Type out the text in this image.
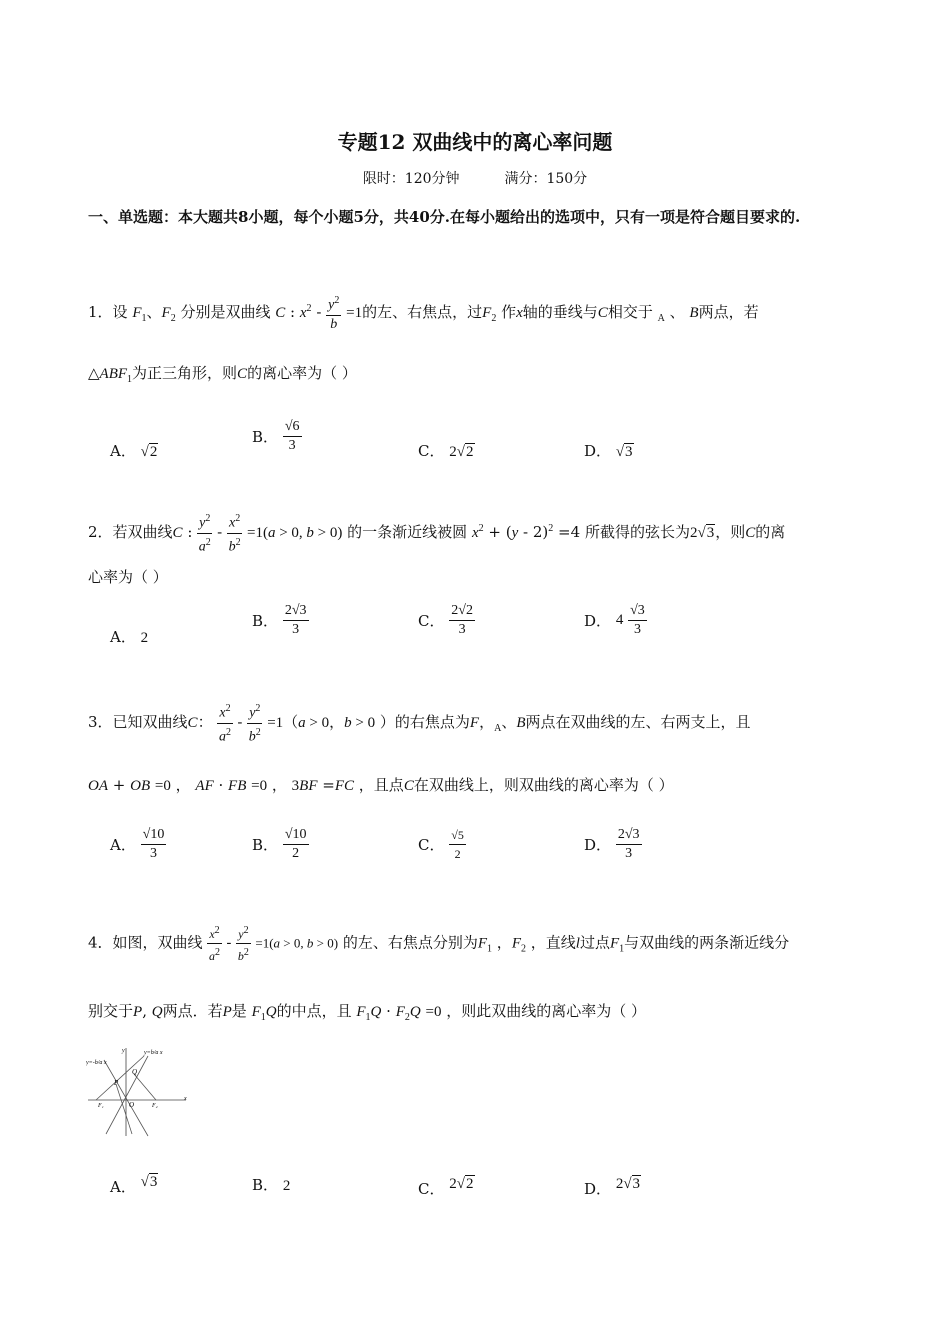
专题12 双曲线中的离心率问题
限时：120分钟	满分：150分
一、单选题：本大题共8小题，每个小题5分，共40分.在每小题给出的选项中，只有一项是符合题目要求的.
1．设 $F_1$、$F_2$ 分别是双曲线 C : $x^2 - \frac{y^2}{b} =1$的左、右焦点，过$F_2$ 作x轴的垂线与C相交于 $_A$ 、 B两点，若
$\triangle ABF_1$为正三角形，则C的离心率为（ ）
A． √2
B． $\frac{√6}{3}$	C． 2√2	D． √3
2．若双曲线C : $\frac{y^2}{a^2} - \frac{x^2}{b^2} =1(a > 0$, b > 0) 的一条渐近线被圆 $x^2 + (y - 2)^2 =4$ 所截得的弦长为2√3，则C的离
心率为（ ）
A． 2
B． $\frac{2√3}{3}$	C． $\frac{2√2}{3}$	D． $4 \frac{√3}{3}$
3．已知双曲线C： $\frac{x^2}{a^2} - \frac{y^2}{b^2} =1(a > 0$，b > 0 ）的右焦点为F，$_A$、B两点在双曲线的左、右两支上，且
OA + OB =0 ， AF · FB =0 ， 3BF =FC ，且点C在双曲线上，则双曲线的离心率为（ ）
A． $\frac{√10}{3}$	B． $\frac{√10}{2}$	C． $\frac{√5}{2}$	D． $\frac{2√3}{3}$
4．如图，双曲线 $\frac{x^2}{a^2} - \frac{y^2}{b^2} =1(a > 0$, b > 0) 的左、右焦点分别为$F_1$ ，$F_2$ ，直线l过点$F_1$与双曲线的两条渐近线分
别交于P, Q两点．若P是 $F_1Q$的中点，且 $F_1Q \cdot F_2Q =0$ ，则此双曲线的离心率为（ ）
y=-b/a x
y=b/a x
y
x
Q
P
F₁	F₂
O
A． √3	B． 2	C． 2√2	D． 2√3
